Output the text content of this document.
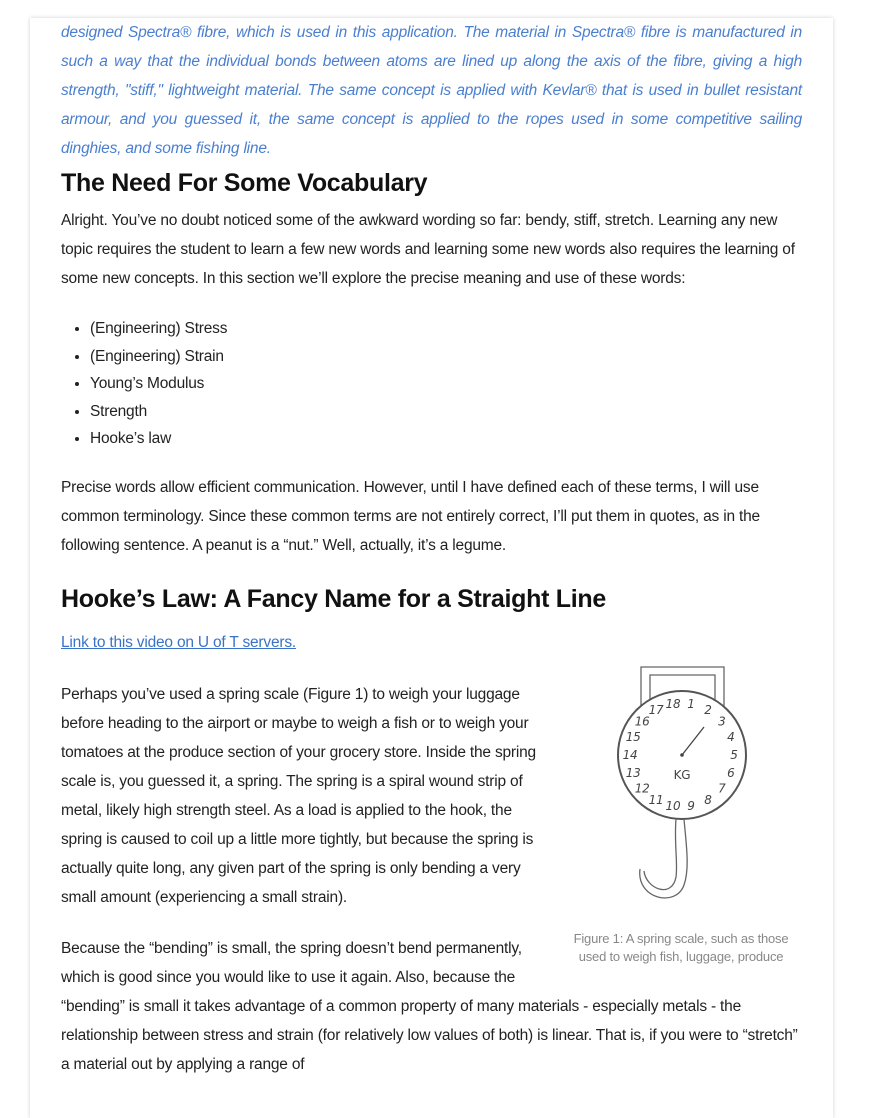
designed Spectra® fibre, which is used in this application. The material in Spectra® fibre is manufactured in such a way that the individual bonds between atoms are lined up along the axis of the fibre, giving a high strength, "stiff," lightweight material. The same concept is applied with Kevlar® that is used in bullet resistant armour, and you guessed it, the same concept is applied to the ropes used in some competitive sailing dinghies, and some fishing line.

The Need For Some Vocabulary

Alright. You’ve no doubt noticed some of the awkward wording so far: bendy, stiff, stretch. Learning any new topic requires the student to learn a few new words and learning some new words also requires the learning of some new concepts. In this section we’ll explore the precise meaning and use of these words:

• (Engineering) Stress
• (Engineering) Strain
• Young’s Modulus
• Strength
• Hooke’s law

Precise words allow efficient communication. However, until I have defined each of these terms, I will use common terminology. Since these common terms are not entirely correct, I’ll put them in quotes, as in the following sentence. A peanut is a “nut.” Well, actually, it’s a legume.

Hooke’s Law: A Fancy Name for a Straight Line

Link to this video on U of T servers.

1 2
3
4
5
6
7
8
9
10
11
12
13
14
15
16
17 18
KG
Figure 1: A spring scale, such as those used to weigh fish, luggage, produce

Perhaps you’ve used a spring scale (Figure 1) to weigh your luggage before heading to the airport or maybe to weigh a fish or to weigh your tomatoes at the produce section of your grocery store. Inside the spring scale is, you guessed it, a spring. The spring is a spiral wound strip of metal, likely high strength steel. As a load is applied to the hook, the spring is caused to coil up a little more tightly, but because the spring is actually quite long, any given part of the spring is only bending a very small amount (experiencing a small strain).

Because the “bending” is small, the spring doesn’t bend permanently, which is good since you would like to use it again. Also, because the “bending” is small it takes advantage of a common property of many materials - especially metals - the relationship between stress and strain (for relatively low values of both) is linear. That is, if you were to “stretch” a material out by applying a range of
